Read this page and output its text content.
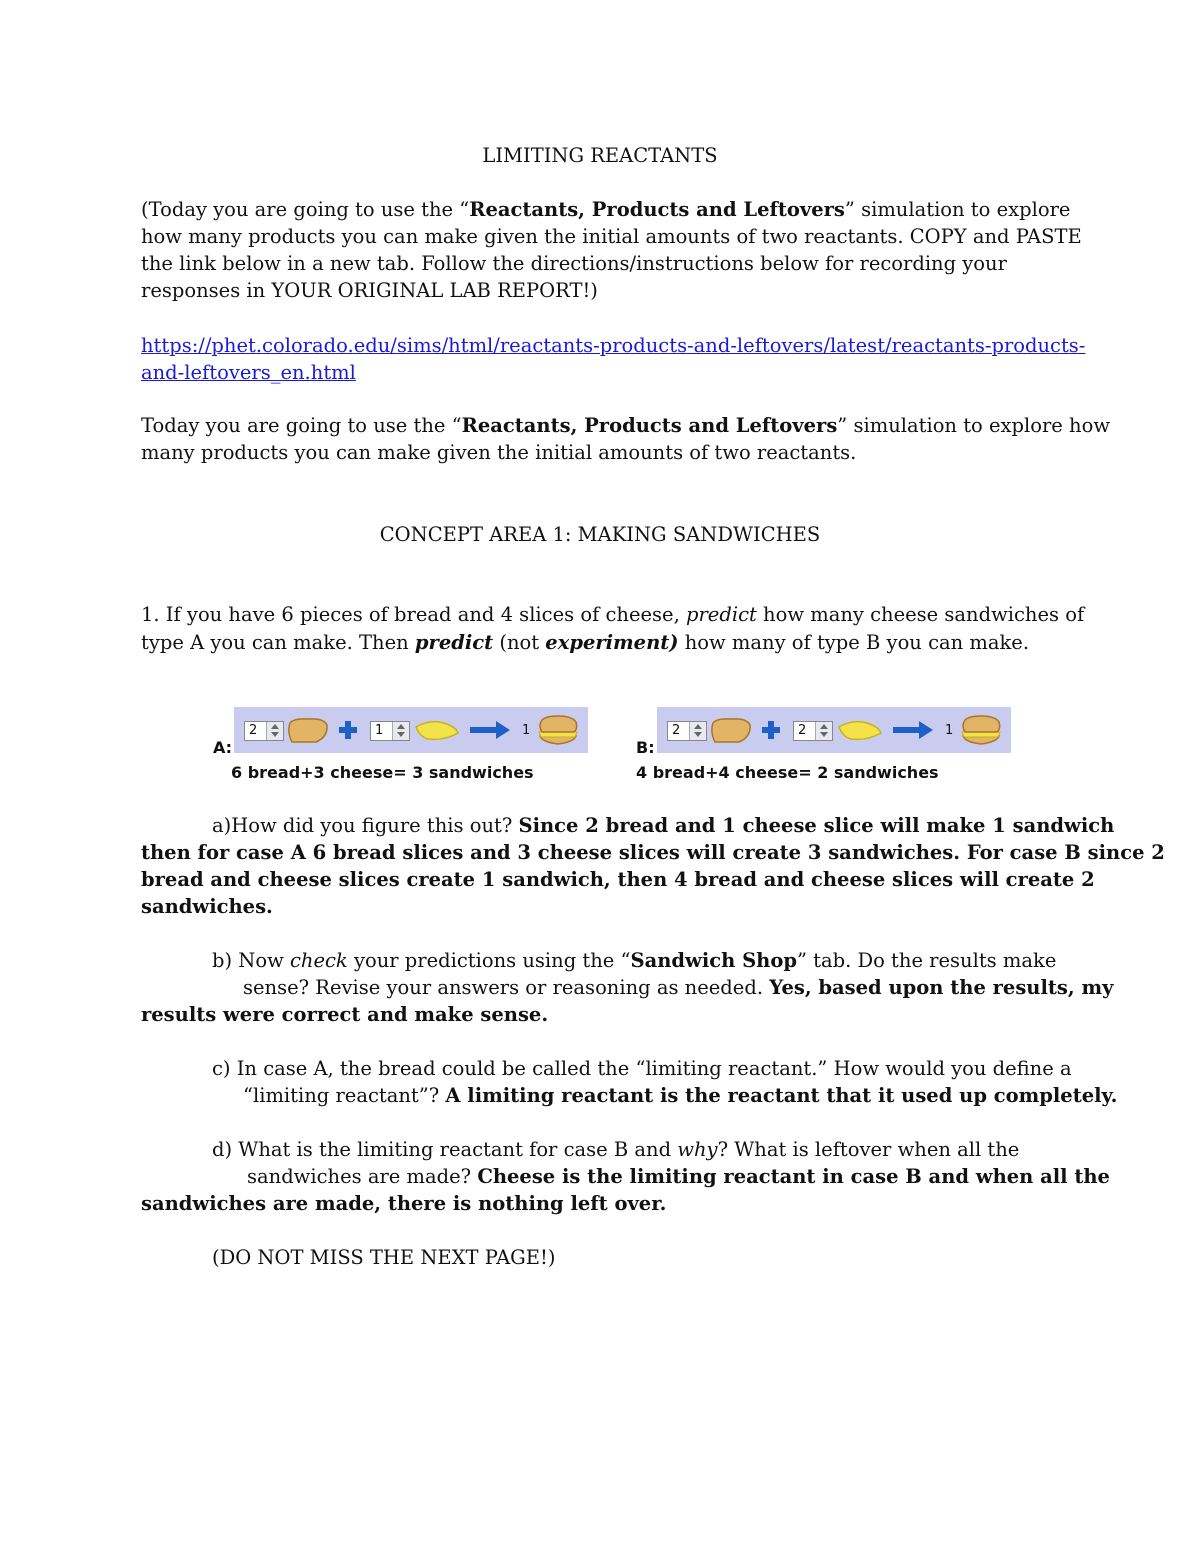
LIMITING REACTANTS
(Today you are going to use the “Reactants, Products and Leftovers” simulation to explore
how many products you can make given the initial amounts of two reactants. COPY and PASTE
the link below in a new tab. Follow the directions/instructions below for recording your
responses in YOUR ORIGINAL LAB REPORT!)
https://phet.colorado.edu/sims/html/reactants-products-and-leftovers/latest/reactants-products-
and-leftovers_en.html
Today you are going to use the “Reactants, Products and Leftovers” simulation to explore how
many products you can make given the initial amounts of two reactants.
CONCEPT AREA 1: MAKING SANDWICHES
1. If you have 6 pieces of bread and 4 slices of cheese, predict how many cheese sandwiches of
type A you can make. Then predict (not experiment) how many of type B you can make.
A:
2	1	1
6 bread+3 cheese= 3 sandwiches
B:
2	2	1
4 bread+4 cheese= 2 sandwiches
a)How did you figure this out? Since 2 bread and 1 cheese slice will make 1 sandwich
then for case A 6 bread slices and 3 cheese slices will create 3 sandwiches. For case B since 2
bread and cheese slices create 1 sandwich, then 4 bread and cheese slices will create 2
sandwiches.
b) Now check your predictions using the “Sandwich Shop” tab. Do the results make
sense? Revise your answers or reasoning as needed. Yes, based upon the results, my
results were correct and make sense.
c) In case A, the bread could be called the “limiting reactant.” How would you define a
“limiting reactant”? A limiting reactant is the reactant that it used up completely.
d) What is the limiting reactant for case B and why? What is leftover when all the
sandwiches are made? Cheese is the limiting reactant in case B and when all the
sandwiches are made, there is nothing left over.
(DO NOT MISS THE NEXT PAGE!)
